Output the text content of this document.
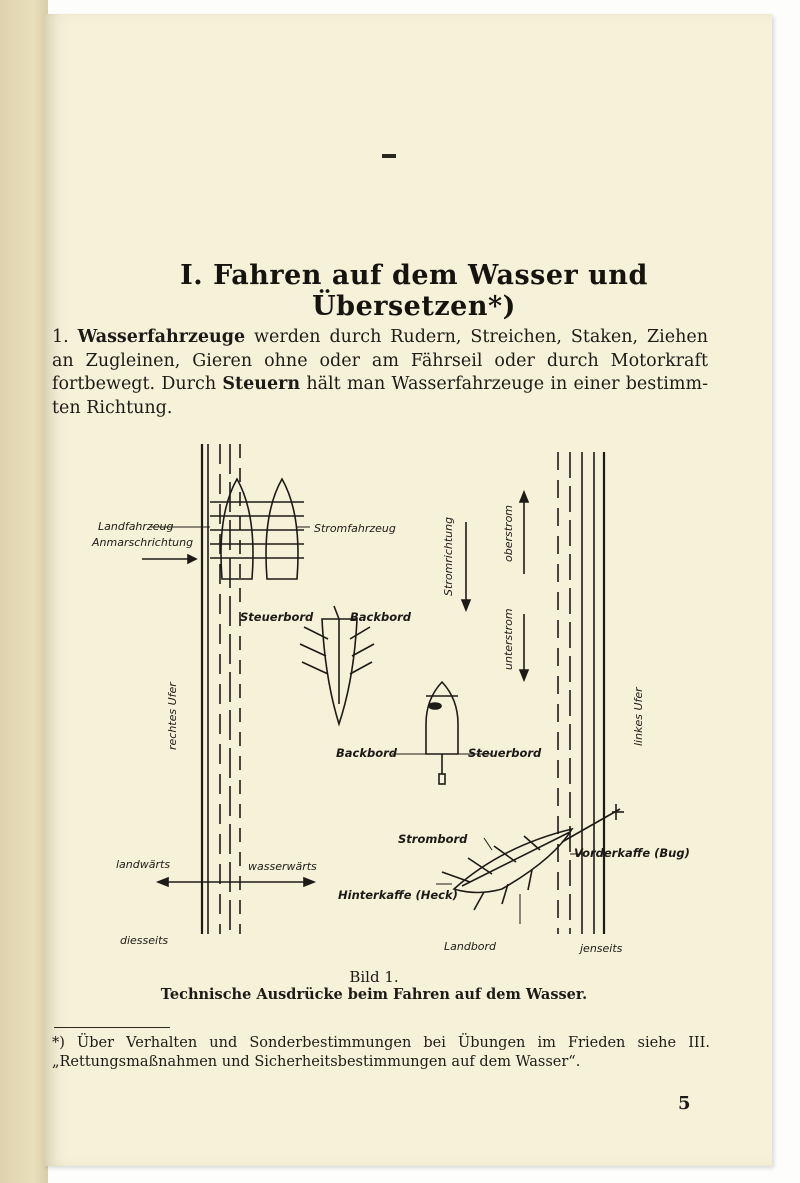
I. Fahren auf dem Wasser und Übersetzen*)

1. Wasserfahrzeuge werden durch Rudern, Streichen, Staken, Ziehen an Zugleinen, Gieren ohne oder am Fährseil oder durch Motorkraft fortbewegt. Durch Steuern hält man Wasserfahrzeuge in einer bestimm- ten Richtung.

Landfahrzeug
Anmarschrichtung
Stromfahrzeug
Steuerbord	Backbord
Stromrichtung	oberstrom
unterstrom
rechtes Ufer	linkes Ufer
Backbord	Steuerbord
Strombord
Vorderkaffe (Bug)
Hinterkaffe (Heck)
landwärts	wasserwärts
diesseits	Landbord	jenseits

Bild 1.

Technische Ausdrücke beim Fahren auf dem Wasser.

*) Über Verhalten und Sonderbestimmungen bei Übungen im Frieden siehe III. „Rettungsmaßnahmen und Sicherheitsbestimmungen auf dem Wasser“.

5
